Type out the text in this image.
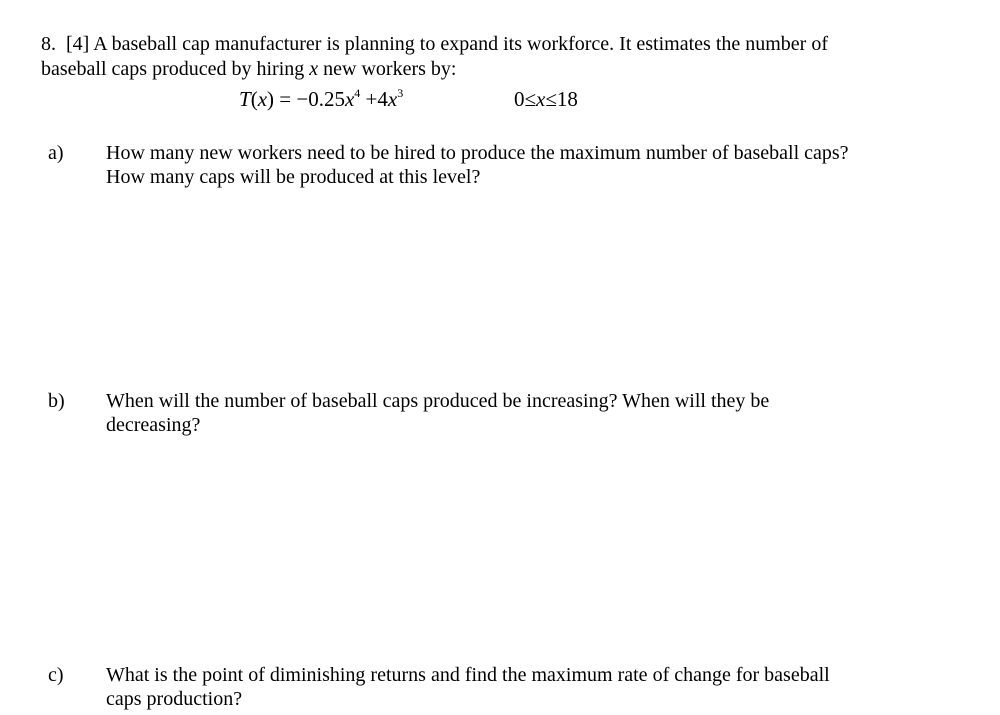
8. [4] A baseball cap manufacturer is planning to expand its workforce. It estimates the number of
baseball caps produced by hiring x new workers by:
$T(x) = -0.25x^4 +4x^3$	0≤x≤18
a) How many new workers need to be hired to produce the maximum number of baseball caps?
How many caps will be produced at this level?
b) When will the number of baseball caps produced be increasing? When will they be
decreasing?
c) What is the point of diminishing returns and find the maximum rate of change for baseball
caps production?
